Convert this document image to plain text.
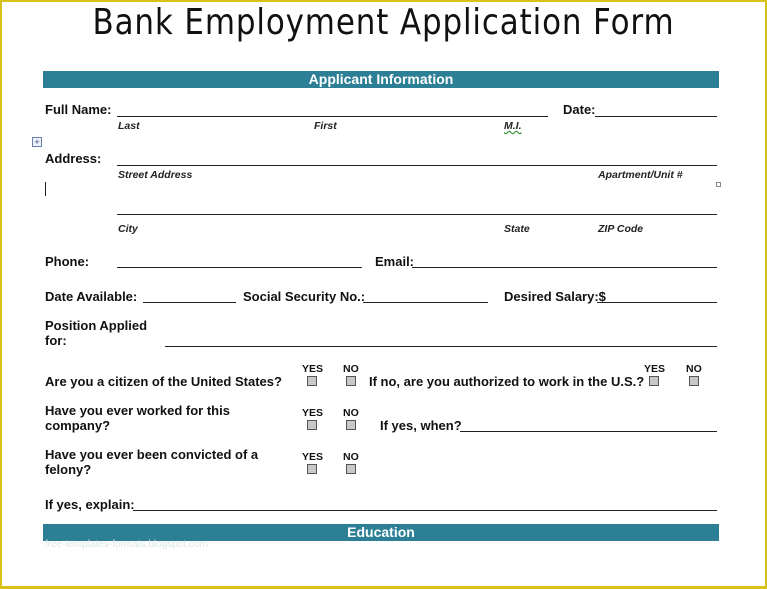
Bank Employment Application Form
Applicant Information
+
Full Name:	Date:
Last	First	M.I.
Address:
Street Address	Apartment/Unit #
City	State	ZIP Code
Phone:	Email:
Date Available:	Social Security No.:	Desired Salary:$
Position Applied
for:
Are you a citizen of the United States?
YES NO
If no, are you authorized to work in the U.S.?
YES NO
Have you ever worked for this
company?
YES NO
If yes, when?
Have you ever been convicted of a
felony?
YES NO
If yes, explain:
Education
free-templates-formats.blogspot.com
